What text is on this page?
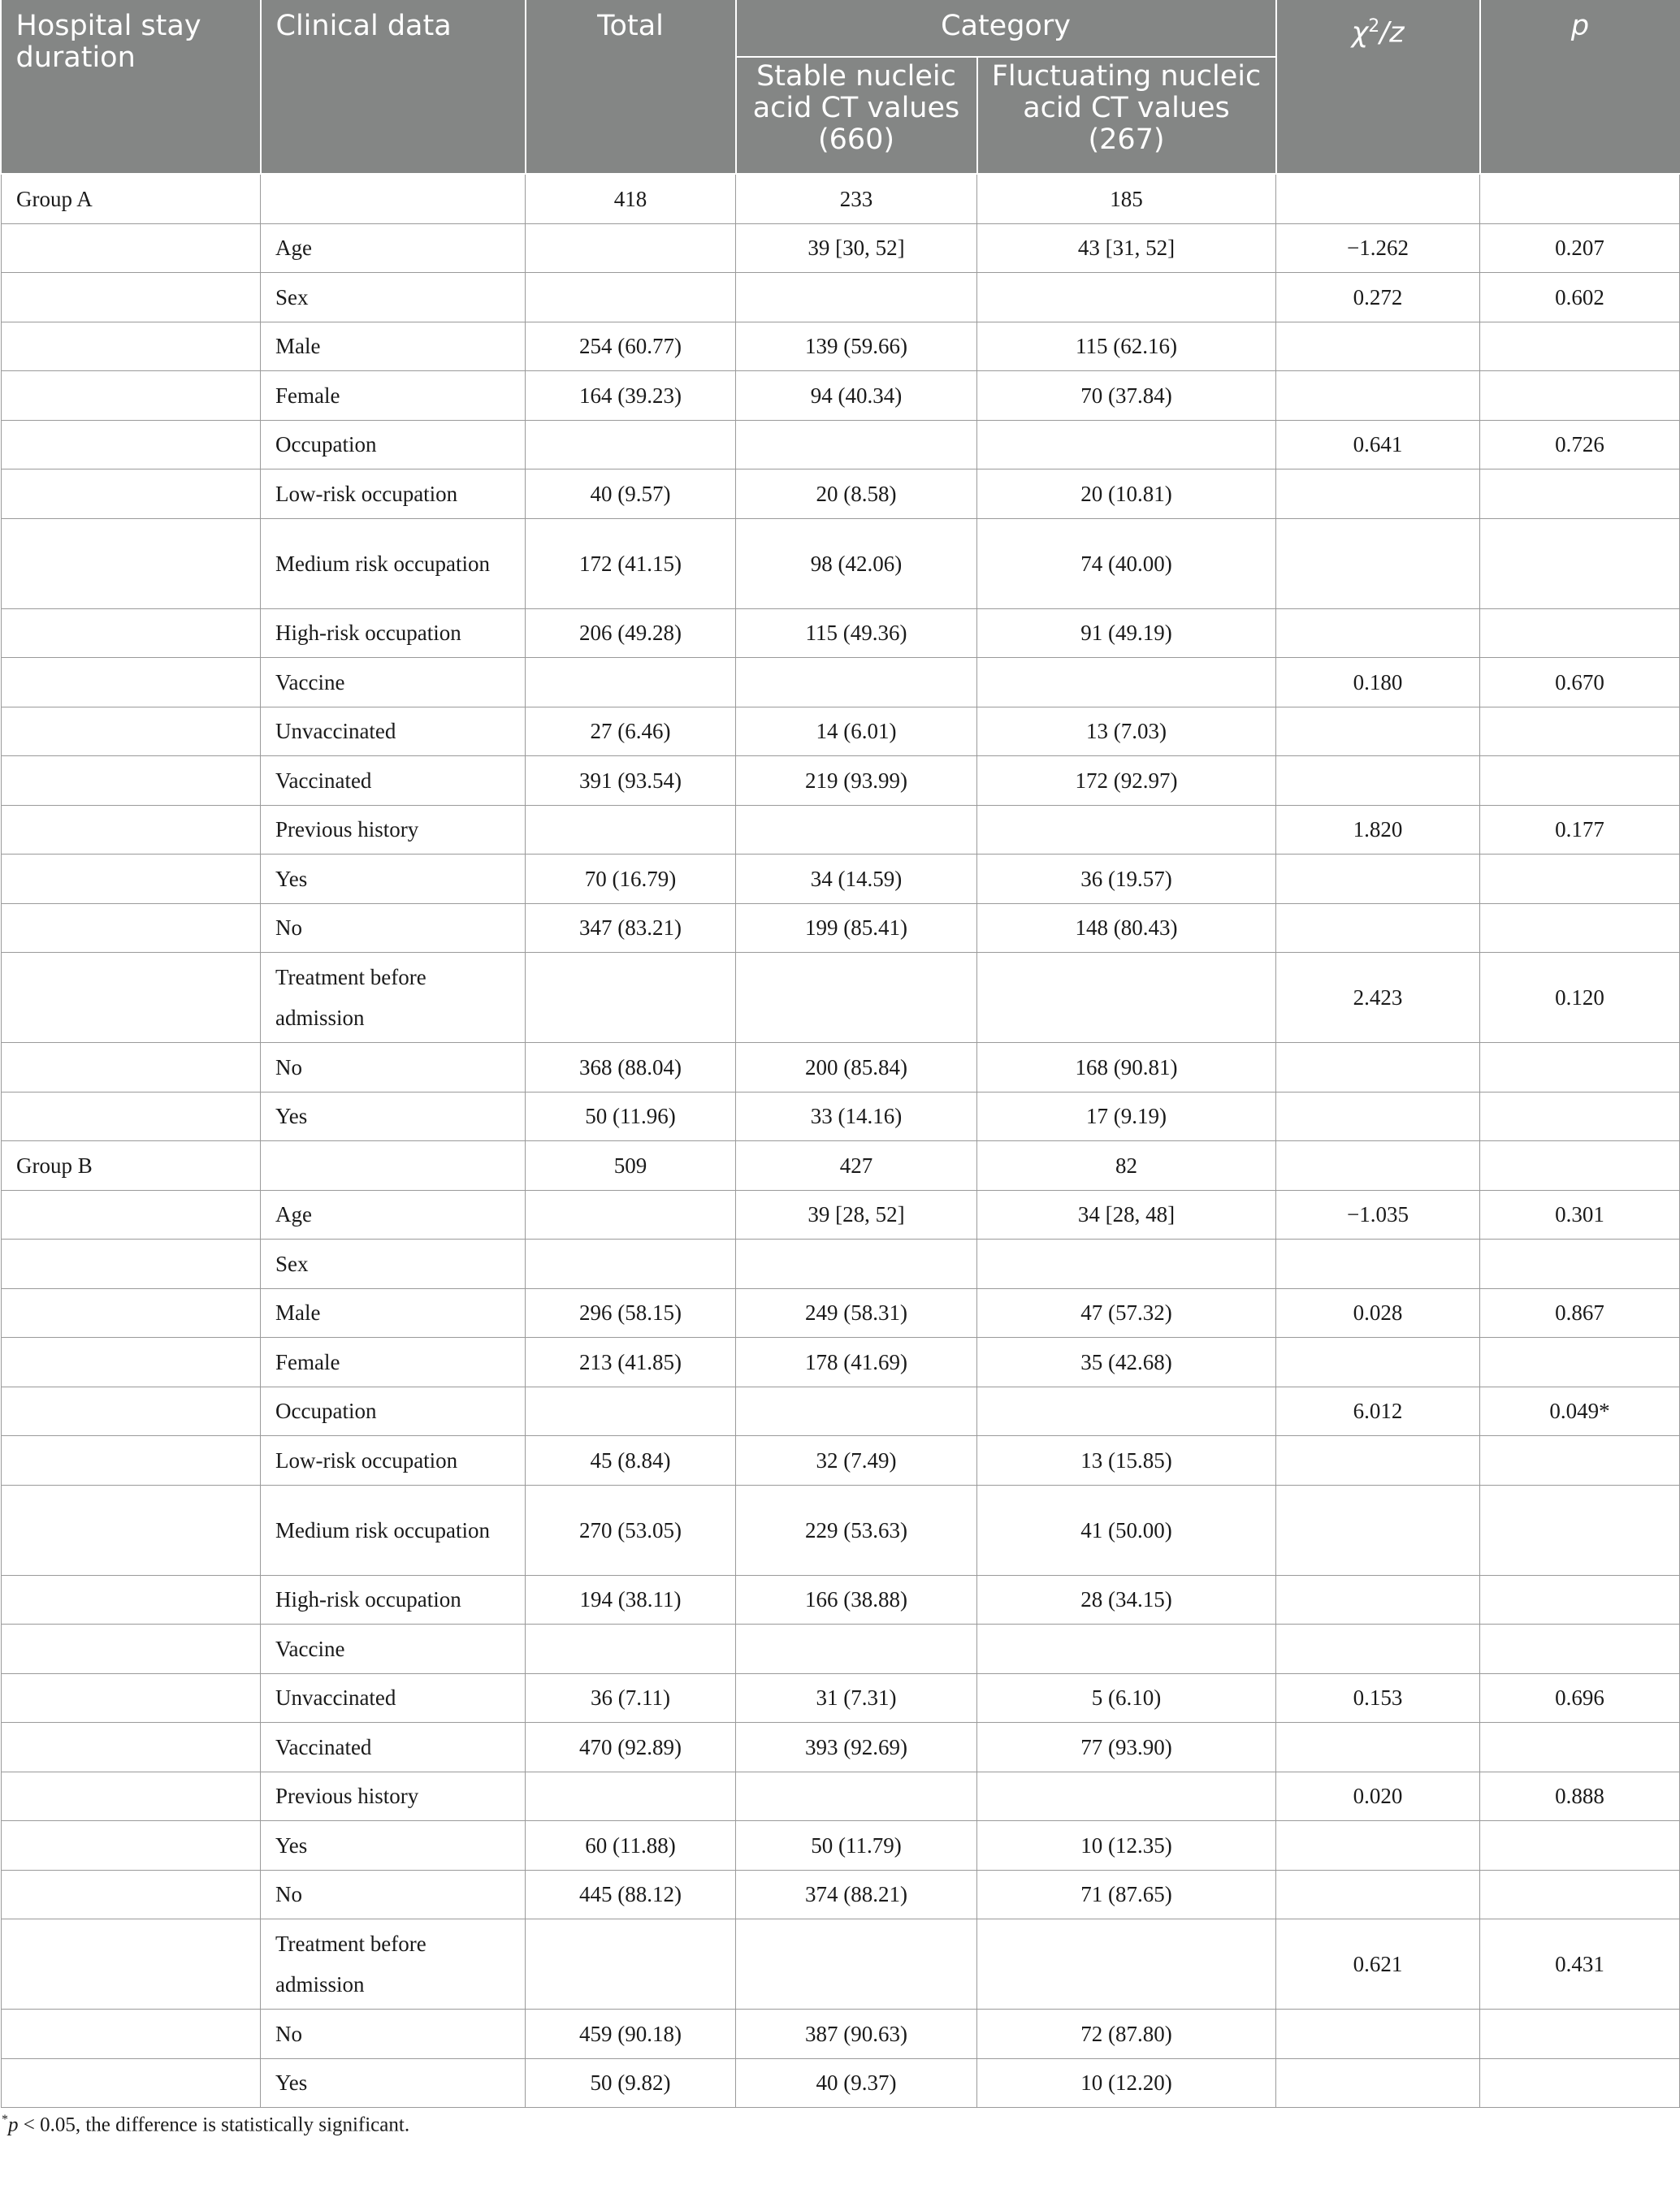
Hospital stay duration	Clinical data	Total	Category		$\chi^2/z$	p
			Stable nucleic acid CT values (660)	Fluctuating nucleic acid CT values (267)		
Group A		418	233	185		
	Age		39 [30, 52]	43 [31, 52]	−1.262	0.207
	Sex				0.272	0.602
	Male	254 (60.77)	139 (59.66)	115 (62.16)		
	Female	164 (39.23)	94 (40.34)	70 (37.84)		
	Occupation				0.641	0.726
	Low-risk occupation	40 (9.57)	20 (8.58)	20 (10.81)		
	Medium risk occupation	172 (41.15)	98 (42.06)	74 (40.00)		
	High-risk occupation	206 (49.28)	115 (49.36)	91 (49.19)		
	Vaccine				0.180	0.670
	Unvaccinated	27 (6.46)	14 (6.01)	13 (7.03)		
	Vaccinated	391 (93.54)	219 (93.99)	172 (92.97)		
	Previous history				1.820	0.177
	Yes	70 (16.79)	34 (14.59)	36 (19.57)		
	No	347 (83.21)	199 (85.41)	148 (80.43)		
	Treatment before admission				2.423	0.120
	No	368 (88.04)	200 (85.84)	168 (90.81)		
	Yes	50 (11.96)	33 (14.16)	17 (9.19)		
Group B		509	427	82		
	Age		39 [28, 52]	34 [28, 48]	−1.035	0.301
	Sex					
	Male	296 (58.15)	249 (58.31)	47 (57.32)	0.028	0.867
	Female	213 (41.85)	178 (41.69)	35 (42.68)		
	Occupation				6.012	0.049*
	Low-risk occupation	45 (8.84)	32 (7.49)	13 (15.85)		
	Medium risk occupation	270 (53.05)	229 (53.63)	41 (50.00)		
	High-risk occupation	194 (38.11)	166 (38.88)	28 (34.15)		
	Vaccine					
	Unvaccinated	36 (7.11)	31 (7.31)	5 (6.10)	0.153	0.696
	Vaccinated	470 (92.89)	393 (92.69)	77 (93.90)		
	Previous history				0.020	0.888
	Yes	60 (11.88)	50 (11.79)	10 (12.35)		
	No	445 (88.12)	374 (88.21)	71 (87.65)		
	Treatment before admission				0.621	0.431
	No	459 (90.18)	387 (90.63)	72 (87.80)		
	Yes	50 (9.82)	40 (9.37)	10 (12.20)		
*p < 0.05, the difference is statistically significant.
